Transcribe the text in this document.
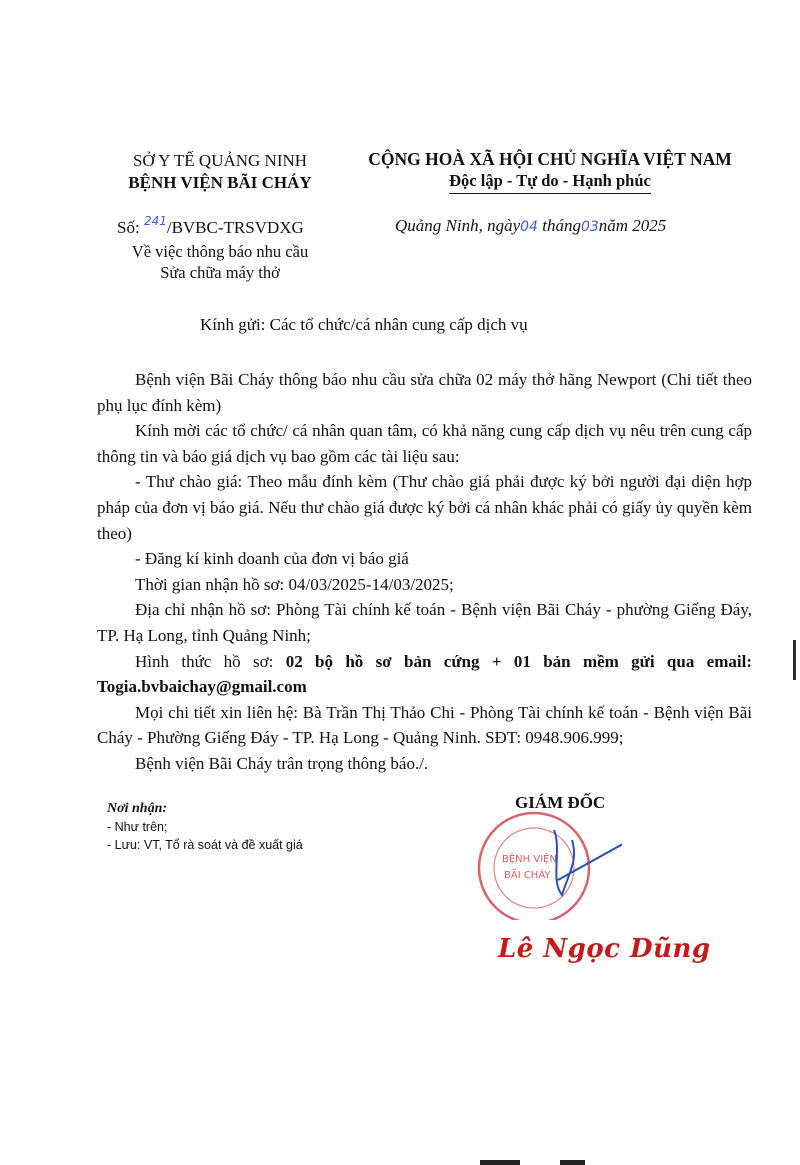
SỞ Y TẾ QUẢNG NINH
BỆNH VIỆN BÃI CHÁY
CỘNG HOÀ XÃ HỘI CHỦ NGHĨA VIỆT NAM
Độc lập - Tự do - Hạnh phúc
Số: $^{241}$/BVBC-TRSVDXG
Về việc thông báo nhu cầu
Sửa chữa máy thở
Quảng Ninh, ngày04 tháng03năm 2025
Kính gửi: Các tổ chức/cá nhân cung cấp dịch vụ

Bệnh viện Bãi Cháy thông báo nhu cầu sửa chữa 02 máy thở hãng Newport (Chi tiết theo phụ lục đính kèm)

Kính mời các tổ chức/ cá nhân quan tâm, có khả năng cung cấp dịch vụ nêu trên cung cấp thông tin và báo giá dịch vụ bao gồm các tài liệu sau:

- Thư chào giá: Theo mẫu đính kèm (Thư chào giá phải được ký bởi người đại diện hợp pháp của đơn vị báo giá. Nếu thư chào giá được ký bởi cá nhân khác phải có giấy ủy quyền kèm theo)

- Đăng kí kinh doanh của đơn vị báo giá

Thời gian nhận hồ sơ: 04/03/2025-14/03/2025;

Địa chỉ nhận hồ sơ: Phòng Tài chính kế toán - Bệnh viện Bãi Cháy - phường Giếng Đáy, TP. Hạ Long, tỉnh Quảng Ninh;

Hình thức hồ sơ: 02 bộ hồ sơ bản cứng + 01 bản mềm gửi qua email: Togia.bvbaichay@gmail.com

Mọi chi tiết xin liên hệ: Bà Trần Thị Thảo Chi - Phòng Tài chính kế toán - Bệnh viện Bãi Cháy - Phường Giếng Đáy - TP. Hạ Long - Quảng Ninh. SĐT: 0948.906.999;

Bệnh viện Bãi Cháy trân trọng thông báo./.

Nơi nhận:
- Như trên;
- Lưu: VT, Tổ rà soát và đề xuất giá
BỆNH VIỆN
BÃI CHÁY
GIÁM ĐỐC
Lê Ngọc Dũng
